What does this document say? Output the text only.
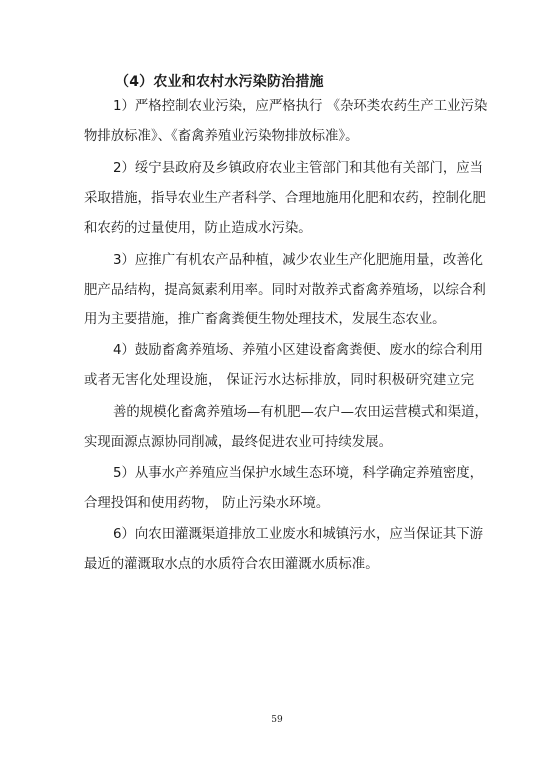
（4）农业和农村水污染防治措施
1）严格控制农业污染，应严格执行 《杂环类农药生产工业污染
物排放标准》、《畜禽养殖业污染物排放标准》。
2）绥宁县政府及乡镇政府农业主管部门和其他有关部门，应当
采取措施，指导农业生产者科学、合理地施用化肥和农药，控制化肥
和农药的过量使用，防止造成水污染。
3）应推广有机农产品种植，减少农业生产化肥施用量，改善化
肥产品结构，提高氮素利用率。同时对散养式畜禽养殖场，以综合利
用为主要措施，推广畜禽粪便生物处理技术，发展生态农业。
4）鼓励畜禽养殖场、养殖小区建设畜禽粪便、废水的综合利用
或者无害化处理设施， 保证污水达标排放，同时积极研究建立完
善的规模化畜禽养殖场—有机肥—农户—农田运营模式和渠道，
实现面源点源协同削减，最终促进农业可持续发展。
5）从事水产养殖应当保护水域生态环境，科学确定养殖密度，
合理投饵和使用药物， 防止污染水环境。
6）向农田灌溉渠道排放工业废水和城镇污水，应当保证其下游
最近的灌溉取水点的水质符合农田灌溉水质标准。
59
